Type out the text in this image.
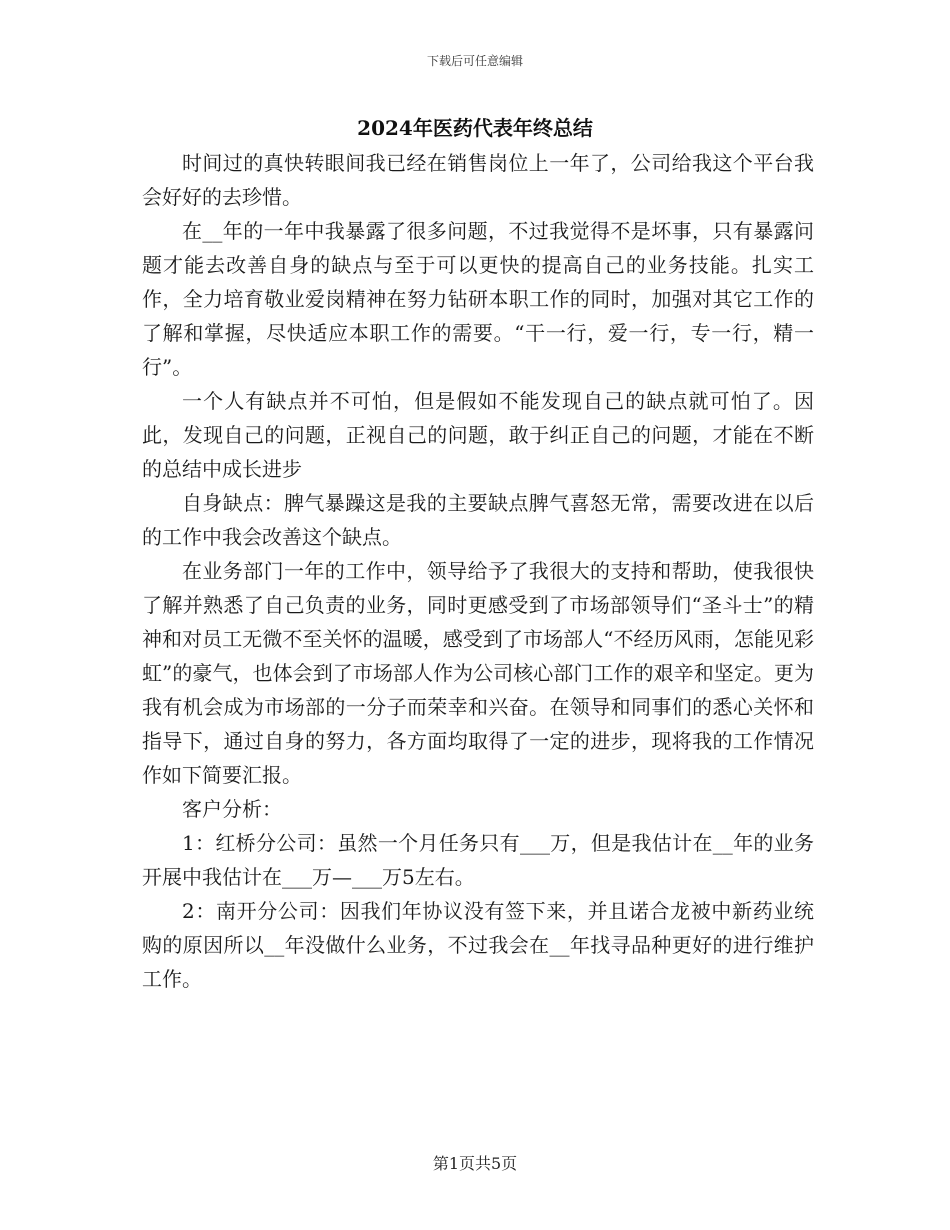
下载后可任意编辑
2024年医药代表年终总结

时间过的真快转眼间我已经在销售岗位上一年了，公司给我这个平台我会好好的去珍惜。

在__年的一年中我暴露了很多问题，不过我觉得不是坏事，只有暴露问题才能去改善自身的缺点与至于可以更快的提高自己的业务技能。扎实工作，全力培育敬业爱岗精神在努力钻研本职工作的同时，加强对其它工作的了解和掌握，尽快适应本职工作的需要。“干一行，爱一行，专一行，精一行”。

一个人有缺点并不可怕，但是假如不能发现自己的缺点就可怕了。因此，发现自己的问题，正视自己的问题，敢于纠正自己的问题，才能在不断的总结中成长进步

自身缺点：脾气暴躁这是我的主要缺点脾气喜怒无常，需要改进在以后的工作中我会改善这个缺点。

在业务部门一年的工作中，领导给予了我很大的支持和帮助，使我很快了解并熟悉了自己负责的业务，同时更感受到了市场部领导们“圣斗士”的精神和对员工无微不至关怀的温暖，感受到了市场部人“不经历风雨，怎能见彩虹”的豪气，也体会到了市场部人作为公司核心部门工作的艰辛和坚定。更为我有机会成为市场部的一分子而荣幸和兴奋。在领导和同事们的悉心关怀和指导下，通过自身的努力，各方面均取得了一定的进步，现将我的工作情况作如下简要汇报。

客户分析：

1：红桥分公司：虽然一个月任务只有___万，但是我估计在__年的业务开展中我估计在___万—___万5左右。

2：南开分公司：因我们年协议没有签下来，并且诺合龙被中新药业统购的原因所以__年没做什么业务，不过我会在__年找寻品种更好的进行维护工作。

第1页共5页
